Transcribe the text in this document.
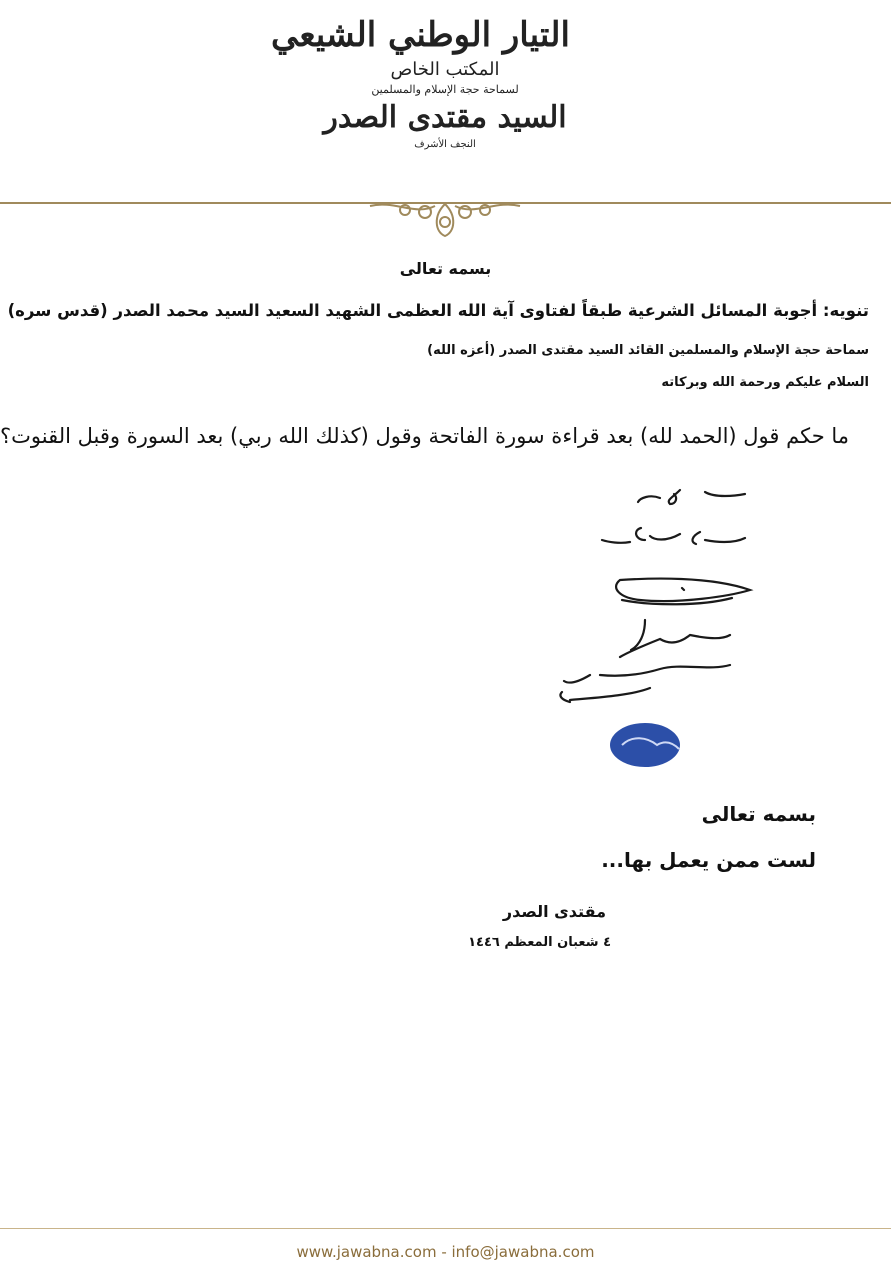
التيار الوطني الشيعي
المكتب الخاص
لسماحة حجة الإسلام والمسلمين
السيد مقتدى الصدر
النجف الأشرف
بسمه تعالى
تنويه: أجوبة المسائل الشرعية طبقاً لفتاوى آية الله العظمى الشهيد السعيد السيد محمد الصدر (قدس سره)
سماحة حجة الإسلام والمسلمين القائد السيد مقتدى الصدر (أعزه الله)
السلام عليكم ورحمة الله وبركاته
ما حكم قول (الحمد لله) بعد قراءة سورة الفاتحة وقول (كذلك الله ربي) بعد السورة وقبل القنوت؟
بسمه تعالى
لست ممن يعمل بها...
مقتدى الصدر
٤ شعبان المعظم ١٤٤٦
www.jawabna.com - info@jawabna.com
